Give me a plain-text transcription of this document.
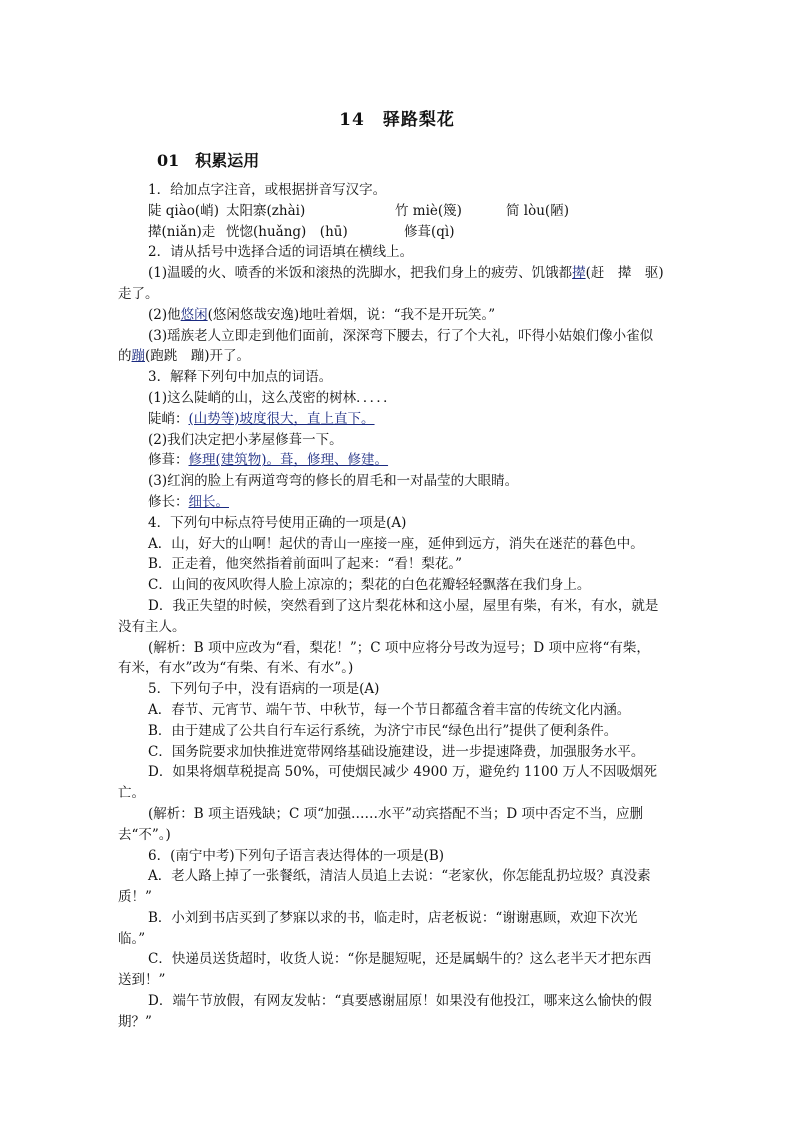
14　驿路梨花
01　积累运用

1．给加点字注音，或根据拼音写汉字。

陡 qiào(峭) 太阳寨(zhài)	竹 miè(篾)	简 lòu(陋)
撵(niǎn)走 恍惚(huǎng)　(hū)	修葺(qì)

2．请从括号中选择合适的词语填在横线上。

(1)温暖的火、喷香的米饭和滚热的洗脚水，把我们身上的疲劳、饥饿都撵(赶　撵　驱)

走了。

(2)他悠闲(悠闲悠哉安逸)地吐着烟，说：“我不是开玩笑。”

(3)瑶族老人立即走到他们面前，深深弯下腰去，行了个大礼，吓得小姑娘们像小雀似

的蹦(跑跳　蹦)开了。

3．解释下列句中加点的词语。

(1)这么陡峭的山，这么茂密的树林．．．．．

陡峭：(山势等)坡度很大，直上直下。

(2)我们决定把小茅屋修葺一下。

修葺：修理(建筑物)。葺，修理、修建。

(3)红润的脸上有两道弯弯的修长的眉毛和一对晶莹的大眼睛。

修长：细长。

4．下列句中标点符号使用正确的一项是(A)

A．山，好大的山啊！起伏的青山一座接一座，延伸到远方，消失在迷茫的暮色中。

B．正走着，他突然指着前面叫了起来：“看！梨花。”

C．山间的夜风吹得人脸上凉凉的；梨花的白色花瓣轻轻飘落在我们身上。

D．我正失望的时候，突然看到了这片梨花林和这小屋，屋里有柴，有米，有水，就是

没有主人。

(解析：B 项中应改为“看，梨花！”；C 项中应将分号改为逗号；D 项中应将“有柴，

有米，有水”改为“有柴、有米、有水”。)

5．下列句子中，没有语病的一项是(A)

A．春节、元宵节、端午节、中秋节，每一个节日都蕴含着丰富的传统文化内涵。

B．由于建成了公共自行车运行系统，为济宁市民“绿色出行”提供了便利条件。

C．国务院要求加快推进宽带网络基础设施建设，进一步提速降费，加强服务水平。

D．如果将烟草税提高 50%，可使烟民减少 4900 万，避免约 1100 万人不因吸烟死亡。

(解析：B 项主语残缺；C 项“加强……水平”动宾搭配不当；D 项中否定不当，应删

去“不”。)

6．(南宁中考)下列句子语言表达得体的一项是(B)

A．老人路上掉了一张餐纸，清洁人员追上去说：“老家伙，你怎能乱扔垃圾？真没素

质！”

B．小刘到书店买到了梦寐以求的书，临走时，店老板说：“谢谢惠顾，欢迎下次光

临。”

C．快递员送货超时，收货人说：“你是腿短呢，还是属蜗牛的？这么老半天才把东西

送到！”

D．端午节放假，有网友发帖：“真要感谢屈原！如果没有他投江，哪来这么愉快的假

期？”
